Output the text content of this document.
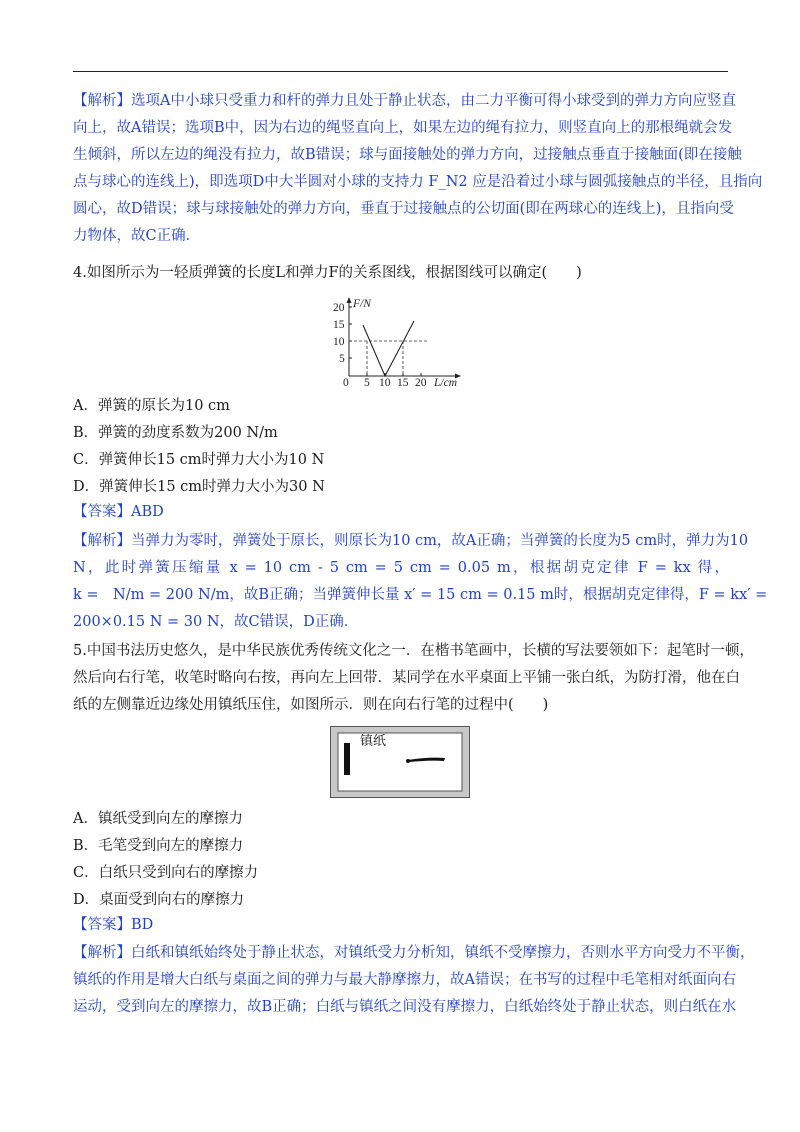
【解析】选项A中小球只受重力和杆的弹力且处于静止状态，由二力平衡可得小球受到的弹力方向应竖直
向上，故A错误；选项B中，因为右边的绳竖直向上，如果左边的绳有拉力，则竖直向上的那根绳就会发
生倾斜，所以左边的绳没有拉力，故B错误；球与面接触处的弹力方向，过接触点垂直于接触面(即在接触
点与球心的连线上)，即选项D中大半圆对小球的支持力 F_N2 应是沿着过小球与圆弧接触点的半径，且指向
圆心，故D错误；球与球接触处的弹力方向，垂直于过接触点的公切面(即在两球心的连线上)，且指向受
力物体，故C正确．
4.如图所示为一轻质弹簧的长度L和弹力F的关系图线，根据图线可以确定(　　)
20
15
10
5
0
F/N
5 10 15 20 L/cm
A．弹簧的原长为10 cm
B．弹簧的劲度系数为200 N/m
C．弹簧伸长15 cm时弹力大小为10 N
D．弹簧伸长15 cm时弹力大小为30 N
【答案】ABD
【解析】当弹力为零时，弹簧处于原长，则原长为10 cm，故A正确；当弹簧的长度为5 cm时，弹力为10
N，此时弹簧压缩量 x = 10 cm - 5 cm = 5 cm = 0.05 m，根据胡克定律 F = kx 得，
k =　N/m = 200 N/m，故B正确；当弹簧伸长量 x′ = 15 cm = 0.15 m时，根据胡克定律得，F = kx′ =
200×0.15 N = 30 N，故C错误，D正确．
5.中国书法历史悠久，是中华民族优秀传统文化之一．在楷书笔画中，长横的写法要领如下：起笔时一顿，
然后向右行笔，收笔时略向右按，再向左上回带．某同学在水平桌面上平铺一张白纸，为防打滑，他在白
纸的左侧靠近边缘处用镇纸压住，如图所示．则在向右行笔的过程中(　　)
镇纸
A．镇纸受到向左的摩擦力
B．毛笔受到向左的摩擦力
C．白纸只受到向右的摩擦力
D．桌面受到向右的摩擦力
【答案】BD
【解析】白纸和镇纸始终处于静止状态，对镇纸受力分析知，镇纸不受摩擦力，否则水平方向受力不平衡，
镇纸的作用是增大白纸与桌面之间的弹力与最大静摩擦力，故A错误；在书写的过程中毛笔相对纸面向右
运动，受到向左的摩擦力，故B正确；白纸与镇纸之间没有摩擦力，白纸始终处于静止状态，则白纸在水
